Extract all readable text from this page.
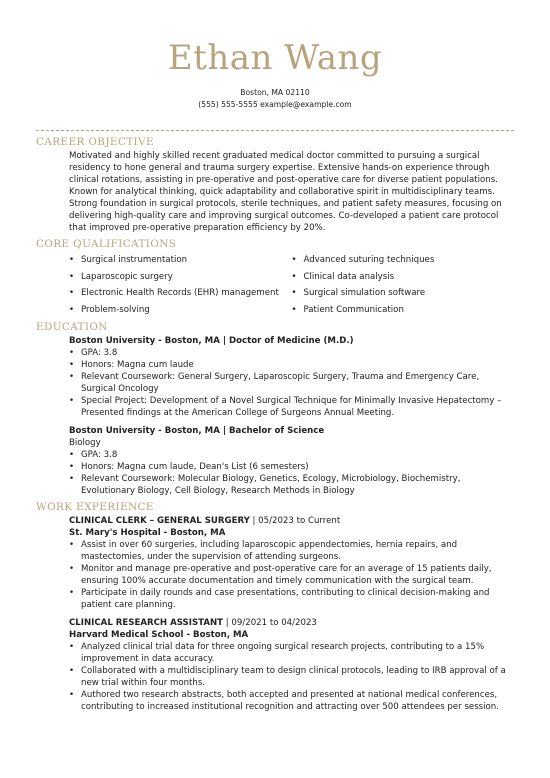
Ethan Wang
Boston, MA 02110
(555) 555-5555 example@example.com
CAREER OBJECTIVE
Motivated and highly skilled recent graduated medical doctor committed to pursuing a surgical residency to hone general and trauma surgery expertise. Extensive hands-on experience through clinical rotations, assisting in pre-operative and post-operative care for diverse patient populations. Known for analytical thinking, quick adaptability and collaborative spirit in multidisciplinary teams. Strong foundation in surgical protocols, sterile techniques, and patient safety measures, focusing on delivering high-quality care and improving surgical outcomes. Co-developed a patient care protocol that improved pre-operative preparation efficiency by 20%.
CORE QUALIFICATIONS
• Surgical instrumentation
• Laparoscopic surgery
• Electronic Health Records (EHR) management
• Problem-solving
• Advanced suturing techniques
• Clinical data analysis
• Surgical simulation software
• Patient Communication
EDUCATION
Boston University - Boston, MA | Doctor of Medicine (M.D.)
• GPA: 3.8
• Honors: Magna cum laude
• Relevant Coursework: General Surgery, Laparoscopic Surgery, Trauma and Emergency Care, Surgical Oncology
• Special Project: Development of a Novel Surgical Technique for Minimally Invasive Hepatectomy – Presented findings at the American College of Surgeons Annual Meeting.
Boston University - Boston, MA | Bachelor of Science
Biology
• GPA: 3.8
• Honors: Magna cum laude, Dean's List (6 semesters)
• Relevant Coursework: Molecular Biology, Genetics, Ecology, Microbiology, Biochemistry, Evolutionary Biology, Cell Biology, Research Methods in Biology
WORK EXPERIENCE
CLINICAL CLERK – GENERAL SURGERY | 05/2023 to Current
St. Mary's Hospital - Boston, MA
• Assist in over 60 surgeries, including laparoscopic appendectomies, hernia repairs, and mastectomies, under the supervision of attending surgeons.
• Monitor and manage pre-operative and post-operative care for an average of 15 patients daily, ensuring 100% accurate documentation and timely communication with the surgical team.
• Participate in daily rounds and case presentations, contributing to clinical decision-making and patient care planning.
CLINICAL RESEARCH ASSISTANT | 09/2021 to 04/2023
Harvard Medical School - Boston, MA
• Analyzed clinical trial data for three ongoing surgical research projects, contributing to a 15% improvement in data accuracy.
• Collaborated with a multidisciplinary team to design clinical protocols, leading to IRB approval of a new trial within four months.
• Authored two research abstracts, both accepted and presented at national medical conferences, contributing to increased institutional recognition and attracting over 500 attendees per session.
